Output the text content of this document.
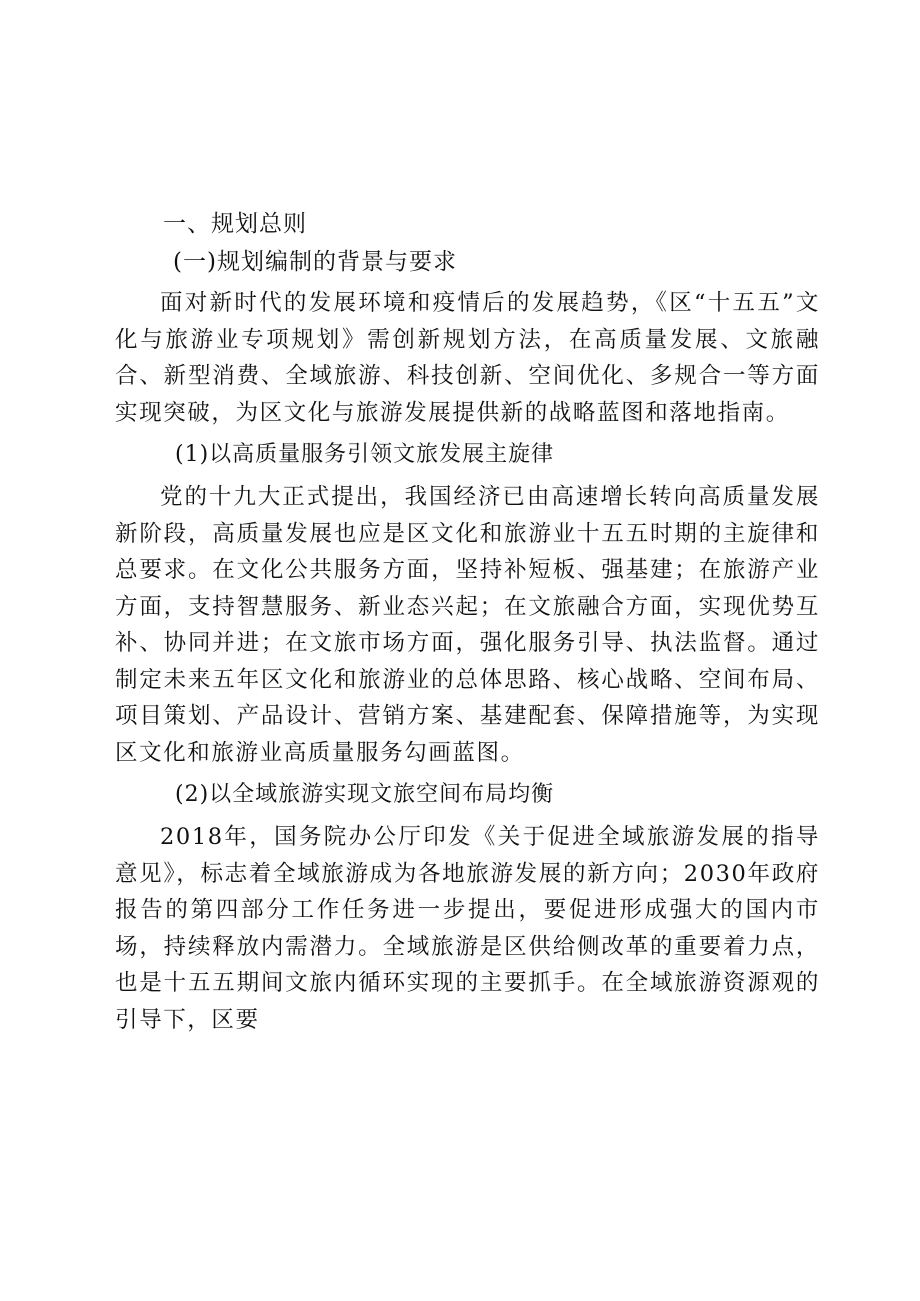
一、规划总则

(一)规划编制的背景与要求

面对新时代的发展环境和疫情后的发展趋势，《区“十五五”文化与旅游业专项规划》需创新规划方法，在高质量发展、文旅融合、新型消费、全域旅游、科技创新、空间优化、多规合一等方面实现突破，为区文化与旅游发展提供新的战略蓝图和落地指南。

(1)以高质量服务引领文旅发展主旋律

党的十九大正式提出，我国经济已由高速增长转向高质量发展新阶段，高质量发展也应是区文化和旅游业十五五时期的主旋律和总要求。在文化公共服务方面，坚持补短板、强基建；在旅游产业方面，支持智慧服务、新业态兴起；在文旅融合方面，实现优势互补、协同并进；在文旅市场方面，强化服务引导、执法监督。通过制定未来五年区文化和旅游业的总体思路、核心战略、空间布局、项目策划、产品设计、营销方案、基建配套、保障措施等，为实现区文化和旅游业高质量服务勾画蓝图。

(2)以全域旅游实现文旅空间布局均衡

2018年，国务院办公厅印发《关于促进全域旅游发展的指导意见》，标志着全域旅游成为各地旅游发展的新方向；2030年政府报告的第四部分工作任务进一步提出，要促进形成强大的国内市场，持续释放内需潜力。全域旅游是区供给侧改革的重要着力点，也是十五五期间文旅内循环实现的主要抓手。在全域旅游资源观的引导下，区要
